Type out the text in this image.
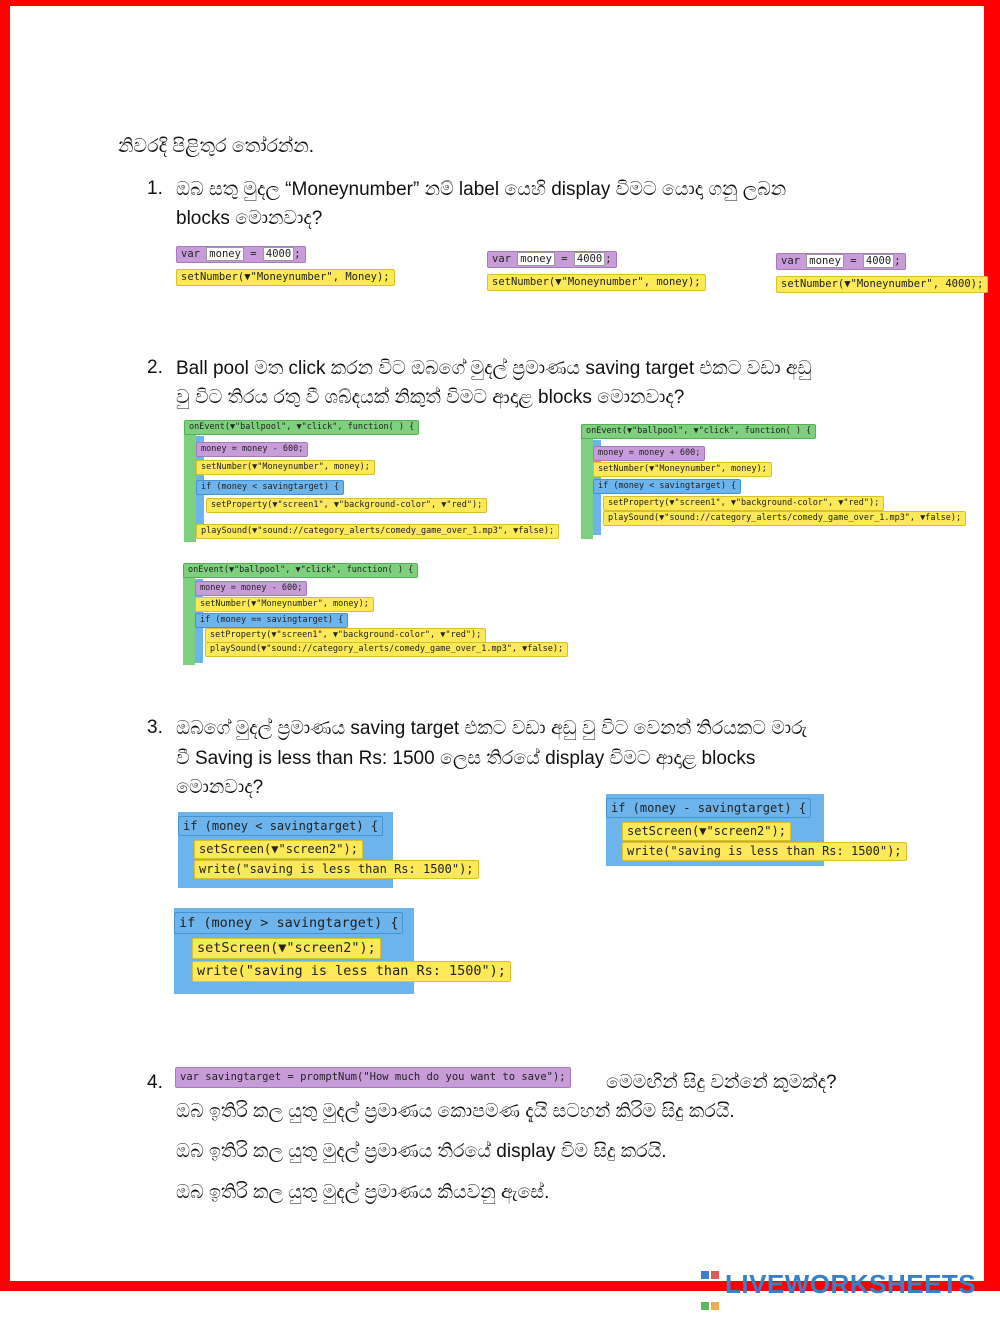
නිවරදි පිළිතුර තෝරන්න.
1. ඔබ සතු මුදල “Moneynumber” නම් label යෙහි display විමට යොදා ගනු ලබන
blocks මොනවාද?
var money = 4000 ;
setNumber(▼"Moneynumber", Money);
var money = 4000 ;
setNumber(▼"Moneynumber", money);
var money = 4000 ;
setNumber(▼"Moneynumber", 4000);
2. Ball pool මත click කරන විට ඔබගේ මුදල් ප්‍රමාණය saving target එකට වඩා අඩු
වු විට තිරය රතු වී ශබ්දයක් නිකුත් විමට ආදාළ blocks මොනවාද?
onEvent(▼"ballpool", ▼"click", function( ) {
money = money - 600;
setNumber(▼"Moneynumber", money);
if (money < savingtarget) {
setProperty(▼"screen1", ▼"background-color", ▼"red");
playSound(▼"sound://category_alerts/comedy_game_over_1.mp3", ▼false);
onEvent(▼"ballpool", ▼"click", function( ) {
money = money + 600;
setNumber(▼"Moneynumber", money);
if (money < savingtarget) {
setProperty(▼"screen1", ▼"background-color", ▼"red");
playSound(▼"sound://category_alerts/comedy_game_over_1.mp3", ▼false);
onEvent(▼"ballpool", ▼"click", function( ) {
money = money - 600;
setNumber(▼"Moneynumber", money);
if (money == savingtarget) {
setProperty(▼"screen1", ▼"background-color", ▼"red");
playSound(▼"sound://category_alerts/comedy_game_over_1.mp3", ▼false);
3. ඔබගේ මුදල් ප්‍රමාණය saving target එකට වඩා අඩු වු විට වෙනත් තිරයකට මාරු
වී Saving is less than Rs: 1500 ලෙස තිරයේ display විමට ආදාළ blocks
මොනවාද?
if (money < savingtarget) {
setScreen(▼"screen2");
write("saving is less than Rs: 1500");
if (money - savingtarget) {
setScreen(▼"screen2");
write("saving is less than Rs: 1500");
if (money > savingtarget) {
setScreen(▼"screen2");
write("saving is less than Rs: 1500");
4.	var savingtarget = promptNum("How much do you want to save"); මෙමඟින් සිදු වන්නේ කුමක්ද?
ඔබ ඉතිරි කල යුතු මුදල් ප්‍රමාණය කොපමණ දැයි සටහන් කිරිම සිදු කරයි.
ඔබ ඉතිරි කල යුතු මුදල් ප්‍රමාණය තිරයේ display විම සිදු කරයි.
ඔබ ඉතිරි කල යුතු මුදල් ප්‍රමාණය කියවනු ඇසේ.

LIVEWORKSHEETS
